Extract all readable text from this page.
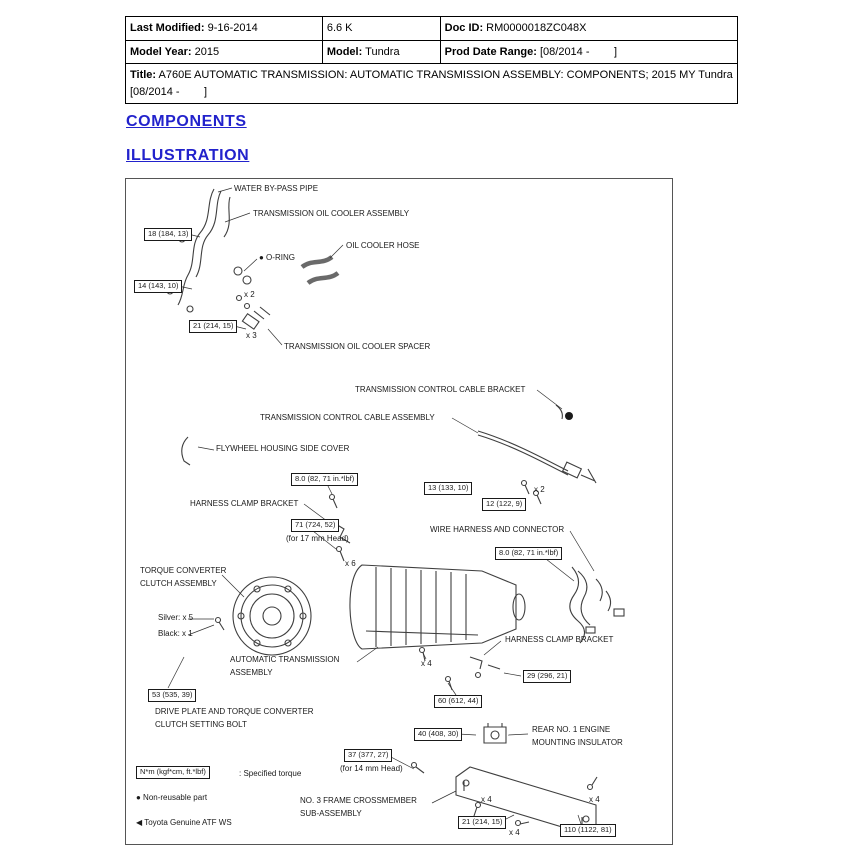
Last Modified: 9-16-2014	6.6 K	Doc ID: RM0000018ZC048X
Model Year: 2015	Model: Tundra	Prod Date Range: [08/2014 -        ]
Title: A760E AUTOMATIC TRANSMISSION: AUTOMATIC TRANSMISSION ASSEMBLY: COMPONENTS; 2015 MY Tundra [08/2014 -        ]		
COMPONENTS
ILLUSTRATION
WATER BY-PASS PIPE
TRANSMISSION OIL COOLER ASSEMBLY
● O-RING
OIL COOLER HOSE
18 (184, 13)
14 (143, 10)
x 2
21 (214, 15)
x 3
TRANSMISSION OIL COOLER SPACER
TRANSMISSION CONTROL CABLE BRACKET
TRANSMISSION CONTROL CABLE ASSEMBLY
FLYWHEEL HOUSING SIDE COVER
8.0 (82, 71 in.*lbf)
13 (133, 10)	x 2
12 (122, 9)
HARNESS CLAMP BRACKET
71 (724, 52)
(for 17 mm Head)
WIRE HARNESS AND CONNECTOR
8.0 (82, 71 in.*lbf)
x 6
TORQUE CONVERTER
CLUTCH ASSEMBLY
Silver: x 5
Black: x 1
HARNESS CLAMP BRACKET
AUTOMATIC TRANSMISSION
ASSEMBLY
x 4
29 (296, 21)
53 (535, 39)
60 (612, 44)
DRIVE PLATE AND TORQUE CONVERTER
CLUTCH SETTING BOLT
40 (408, 30)	REAR NO. 1 ENGINE
MOUNTING INSULATOR
37 (377, 27)
(for 14 mm Head)
N*m (kgf*cm, ft.*lbf)	: Specified torque
● Non-reusable part	NO. 3 FRAME CROSSMEMBER
SUB-ASSEMBLY
x 4	x 4
21 (214, 15)
x 4	110 (1122, 81)
◀ Toyota Genuine ATF WS
